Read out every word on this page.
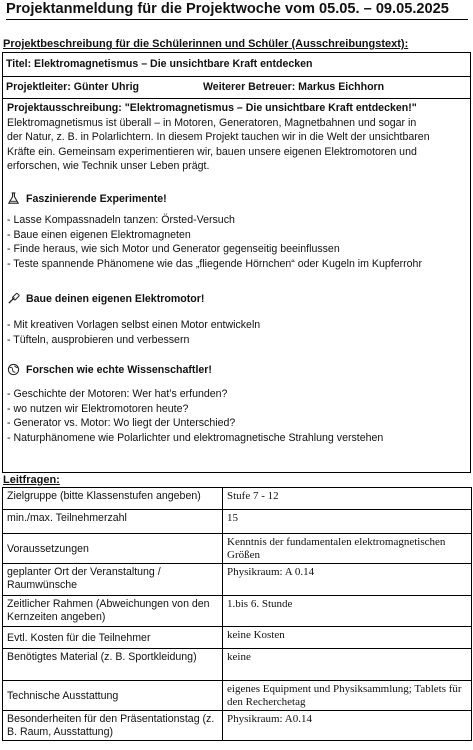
Projektanmeldung für die Projektwoche vom 05.05. – 09.05.2025
Projektbeschreibung für die Schülerinnen und Schüler (Ausschreibungstext):
Titel: Elektromagnetismus – Die unsichtbare Kraft entdecken
Projektleiter: Günter Uhrig	Weiterer Betreuer: Markus Eichhorn
Projektausschreibung: "Elektromagnetismus – Die unsichtbare Kraft entdecken!"
Elektromagnetismus ist überall – in Motoren, Generatoren, Magnetbahnen und sogar in
der Natur, z. B. in Polarlichtern. In diesem Projekt tauchen wir in die Welt der unsichtbaren
Kräfte ein. Gemeinsam experimentieren wir, bauen unsere eigenen Elektromotoren und
erforschen, wie Technik unser Leben prägt.
Faszinierende Experimente!
- Lasse Kompassnadeln tanzen: Örsted-Versuch
- Baue einen eigenen Elektromagneten
- Finde heraus, wie sich Motor und Generator gegenseitig beeinflussen
- Teste spannende Phänomene wie das „fliegende Hörnchen“ oder Kugeln im Kupferrohr
Baue deinen eigenen Elektromotor!
- Mit kreativen Vorlagen selbst einen Motor entwickeln
- Tüfteln, ausprobieren und verbessern
Forschen wie echte Wissenschaftler!
- Geschichte der Motoren: Wer hat’s erfunden?
- wo nutzen wir Elektromotoren heute?
- Generator vs. Motor: Wo liegt der Unterschied?
- Naturphänomene wie Polarlichter und elektromagnetische Strahlung verstehen
Leitfragen:
Zielgruppe (bitte Klassenstufen angeben)	Stufe 7 - 12
min./max. Teilnehmerzahl	15
Voraussetzungen	Kenntnis der fundamentalen elektromagnetischen Größen
geplanter Ort der Veranstaltung / Raumwünsche	Physikraum: A 0.14
Zeitlicher Rahmen (Abweichungen von den Kernzeiten angeben)	1.bis 6. Stunde
Evtl. Kosten für die Teilnehmer	keine Kosten
Benötigtes Material (z. B. Sportkleidung)	keine
Technische Ausstattung	eigenes Equipment und Physiksammlung; Tablets für den Recherchetag
Besonderheiten für den Präsentationstag (z. B. Raum, Ausstattung)	Physikraum: A0.14
